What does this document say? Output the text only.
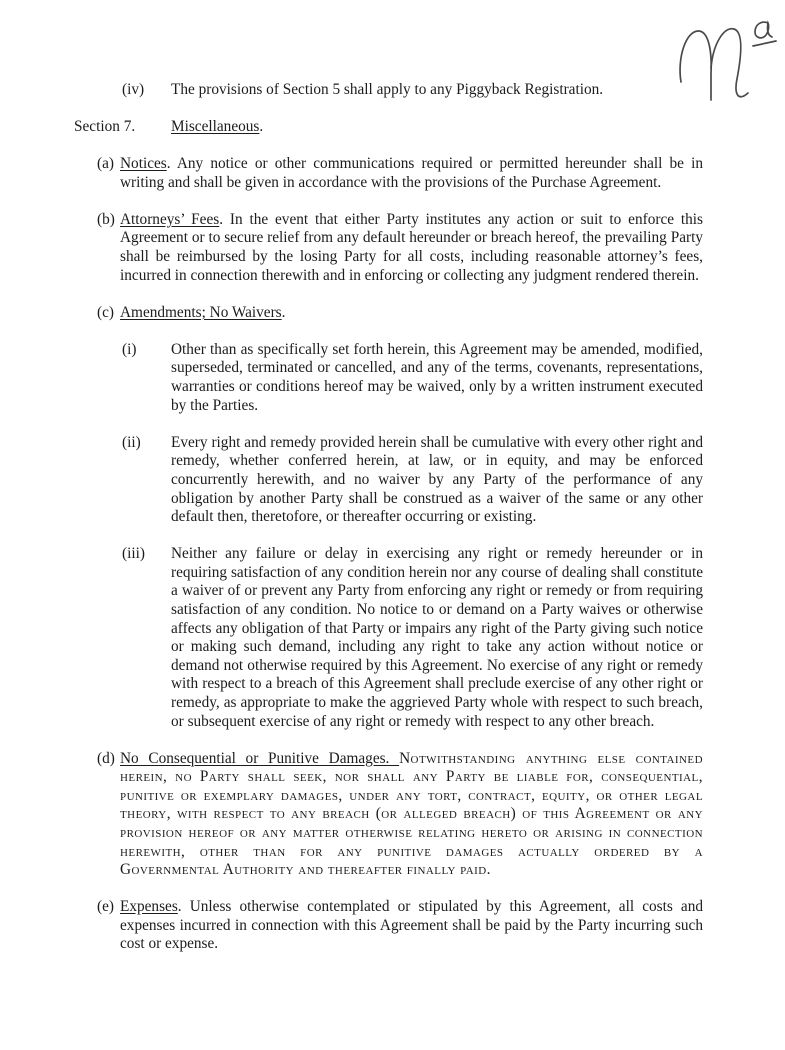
(iv) The provisions of Section 5 shall apply to any Piggyback Registration.
Section 7. Miscellaneous.
(a) Notices. Any notice or other communications required or permitted hereunder shall be in writing and shall be given in accordance with the provisions of the Purchase Agreement.
(b) Attorneys’ Fees. In the event that either Party institutes any action or suit to enforce this Agreement or to secure relief from any default hereunder or breach hereof, the prevailing Party shall be reimbursed by the losing Party for all costs, including reasonable attorney’s fees, incurred in connection therewith and in enforcing or collecting any judgment rendered therein.
(c) Amendments; No Waivers.
(i) Other than as specifically set forth herein, this Agreement may be amended, modified, superseded, terminated or cancelled, and any of the terms, covenants, representations, warranties or conditions hereof may be waived, only by a written instrument executed by the Parties.
(ii) Every right and remedy provided herein shall be cumulative with every other right and remedy, whether conferred herein, at law, or in equity, and may be enforced concurrently herewith, and no waiver by any Party of the performance of any obligation by another Party shall be construed as a waiver of the same or any other default then, theretofore, or thereafter occurring or existing.
(iii) Neither any failure or delay in exercising any right or remedy hereunder or in requiring satisfaction of any condition herein nor any course of dealing shall constitute a waiver of or prevent any Party from enforcing any right or remedy or from requiring satisfaction of any condition. No notice to or demand on a Party waives or otherwise affects any obligation of that Party or impairs any right of the Party giving such notice or making such demand, including any right to take any action without notice or demand not otherwise required by this Agreement. No exercise of any right or remedy with respect to a breach of this Agreement shall preclude exercise of any other right or remedy, as appropriate to make the aggrieved Party whole with respect to such breach, or subsequent exercise of any right or remedy with respect to any other breach.
(d) No Consequential or Punitive Damages. Notwithstanding anything else contained herein, no Party shall seek, nor shall any Party be liable for, consequential, punitive or exemplary damages, under any tort, contract, equity, or other legal theory, with respect to any breach (or alleged breach) of this Agreement or any provision hereof or any matter otherwise relating hereto or arising in connection herewith, other than for any punitive damages actually ordered by a Governmental Authority and thereafter finally paid.
(e) Expenses. Unless otherwise contemplated or stipulated by this Agreement, all costs and expenses incurred in connection with this Agreement shall be paid by the Party incurring such cost or expense.
